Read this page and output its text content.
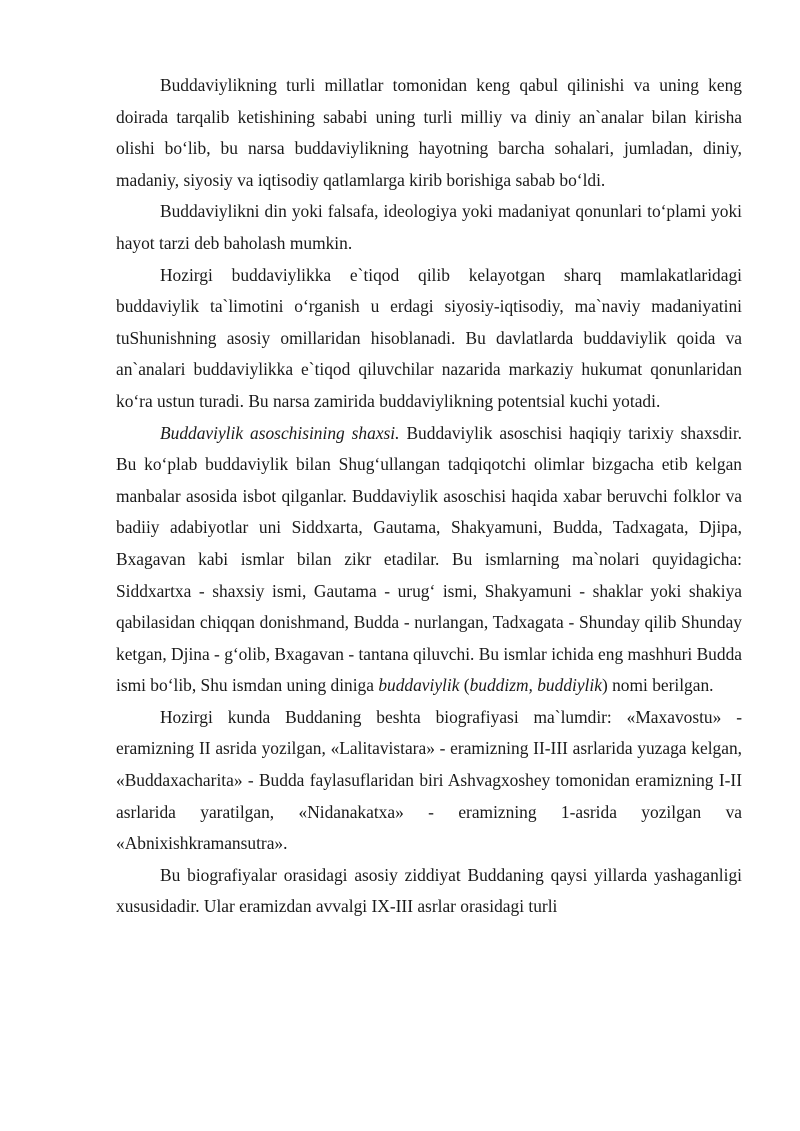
Buddaviylikning turli millatlar tomonidan keng qabul qilinishi va uning keng doirada tarqalib ketishining sababi uning turli milliy va diniy an`analar bilan kirisha olishi bo‘lib, bu narsa buddaviylikning hayotning barcha sohalari, jumladan, diniy, madaniy, siyosiy va iqtisodiy qatlamlarga kirib borishiga sabab bo‘ldi.

Buddaviylikni din yoki falsafa, ideologiya yoki madaniyat qonunlari to‘plami yoki hayot tarzi deb baholash mumkin.

Hozirgi buddaviylikka e`tiqod qilib kelayotgan sharq mamlakatlaridagi buddaviylik ta`limotini o‘rganish u erdagi siyosiy-iqtisodiy, ma`naviy madaniyatini tuShunishning asosiy omillaridan hisoblanadi. Bu davlatlarda buddaviylik qoida va an`analari buddaviylikka e`tiqod qiluvchilar nazarida markaziy hukumat qonunlaridan ko‘ra ustun turadi. Bu narsa zamirida buddaviylikning potentsial kuchi yotadi.

Buddaviylik asoschisining shaxsi. Buddaviylik asoschisi haqiqiy tarixiy shaxsdir. Bu ko‘plab buddaviylik bilan Shug‘ullangan tadqiqotchi olimlar bizgacha etib kelgan manbalar asosida isbot qilganlar. Buddaviylik asoschisi haqida xabar beruvchi folklor va badiiy adabiyotlar uni Siddxarta, Gautama, Shakyamuni, Budda, Tadxagata, Djipa, Bxagavan kabi ismlar bilan zikr etadilar. Bu ismlarning ma`nolari quyidagicha: Siddxartxa - shaxsiy ismi, Gautama - urug‘ ismi, Shakyamuni - shaklar yoki shakiya qabilasidan chiqqan donishmand, Budda - nurlangan, Tadxagata - Shunday qilib Shunday ketgan, Djina - g‘olib, Bxagavan - tantana qiluvchi. Bu ismlar ichida eng mashhuri Budda ismi bo‘lib, Shu ismdan uning diniga buddaviylik (buddizm, buddiylik) nomi berilgan.

Hozirgi kunda Buddaning beshta biografiyasi ma`lumdir: «Maxavostu» - eramizning II asrida yozilgan, «Lalitavistara» - eramizning II-III asrlarida yuzaga kelgan, «Buddaxacharita» - Budda faylasuflaridan biri Ashvagxoshey tomonidan eramizning I-II asrlarida yaratilgan, «Nidanakatxa» - eramizning 1-asrida yozilgan va «Abnixishkramansutra».

Bu biografiyalar orasidagi asosiy ziddiyat Buddaning qaysi yillarda yashaganligi xususidadir. Ular eramizdan avvalgi IX-III asrlar orasidagi turli
